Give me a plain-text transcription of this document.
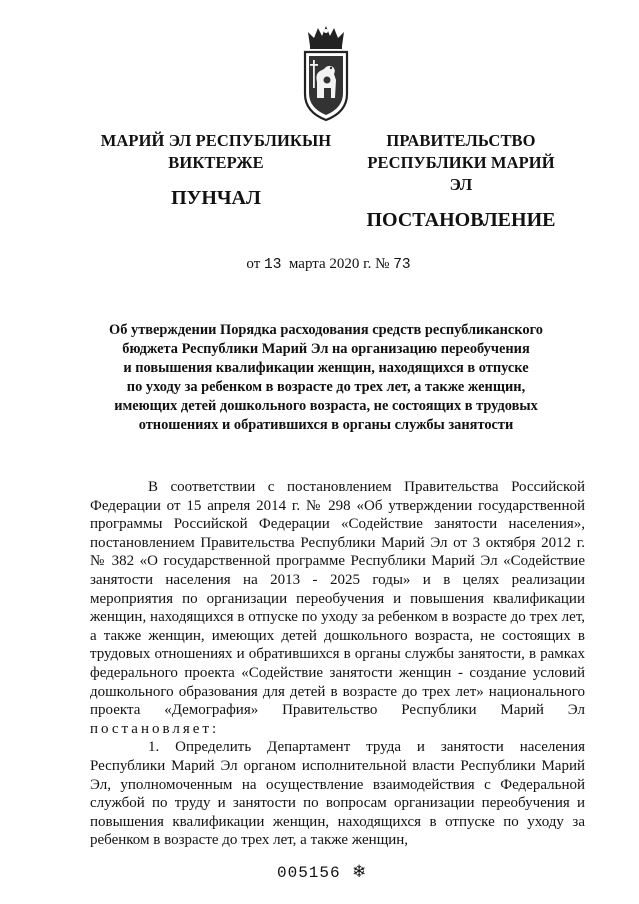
МАРИЙ ЭЛ РЕСПУБЛИКЫН
ВИКТЕРЖЕ
ПУНЧАЛ
ПРАВИТЕЛЬСТВО
РЕСПУБЛИКИ МАРИЙ ЭЛ
ПОСТАНОВЛЕНИЕ
от 13 марта 2020 г. № 73
Об утверждении Порядка расходования средств республиканского
бюджета Республики Марий Эл на организацию переобучения
и повышения квалификации женщин, находящихся в отпуске
по уходу за ребенком в возрасте до трех лет, а также женщин,
имеющих детей дошкольного возраста, не состоящих в трудовых
отношениях и обратившихся в органы службы занятости

В соответствии с постановлением Правительства Российской Федерации от 15 апреля 2014 г. № 298 «Об утверждении государственной программы Российской Федерации «Содействие занятости населения», постановлением Правительства Республики Марий Эл от 3 октября 2012 г. № 382 «О государственной программе Республики Марий Эл «Содействие занятости населения на 2013 - 2025 годы» и в целях реализации мероприятия по организации переобучения и повышения квалификации женщин, находящихся в отпуске по уходу за ребенком в возрасте до трех лет, а также женщин, имеющих детей дошкольного возраста, не состоящих в трудовых отношениях и обратившихся в органы службы занятости, в рамках федерального проекта «Содействие занятости женщин - создание условий дошкольного образования для детей в возрасте до трех лет» национального проекта «Демография» Правительство Республики Марий Эл постановляет:

1. Определить Департамент труда и занятости населения Республики Марий Эл органом исполнительной власти Республики Марий Эл, уполномоченным на осуществление взаимодействия с Федеральной службой по труду и занятости по вопросам организации переобучения и повышения квалификации женщин, находящихся в отпуске по уходу за ребенком в возрасте до трех лет, а также женщин,

005156 ❄
